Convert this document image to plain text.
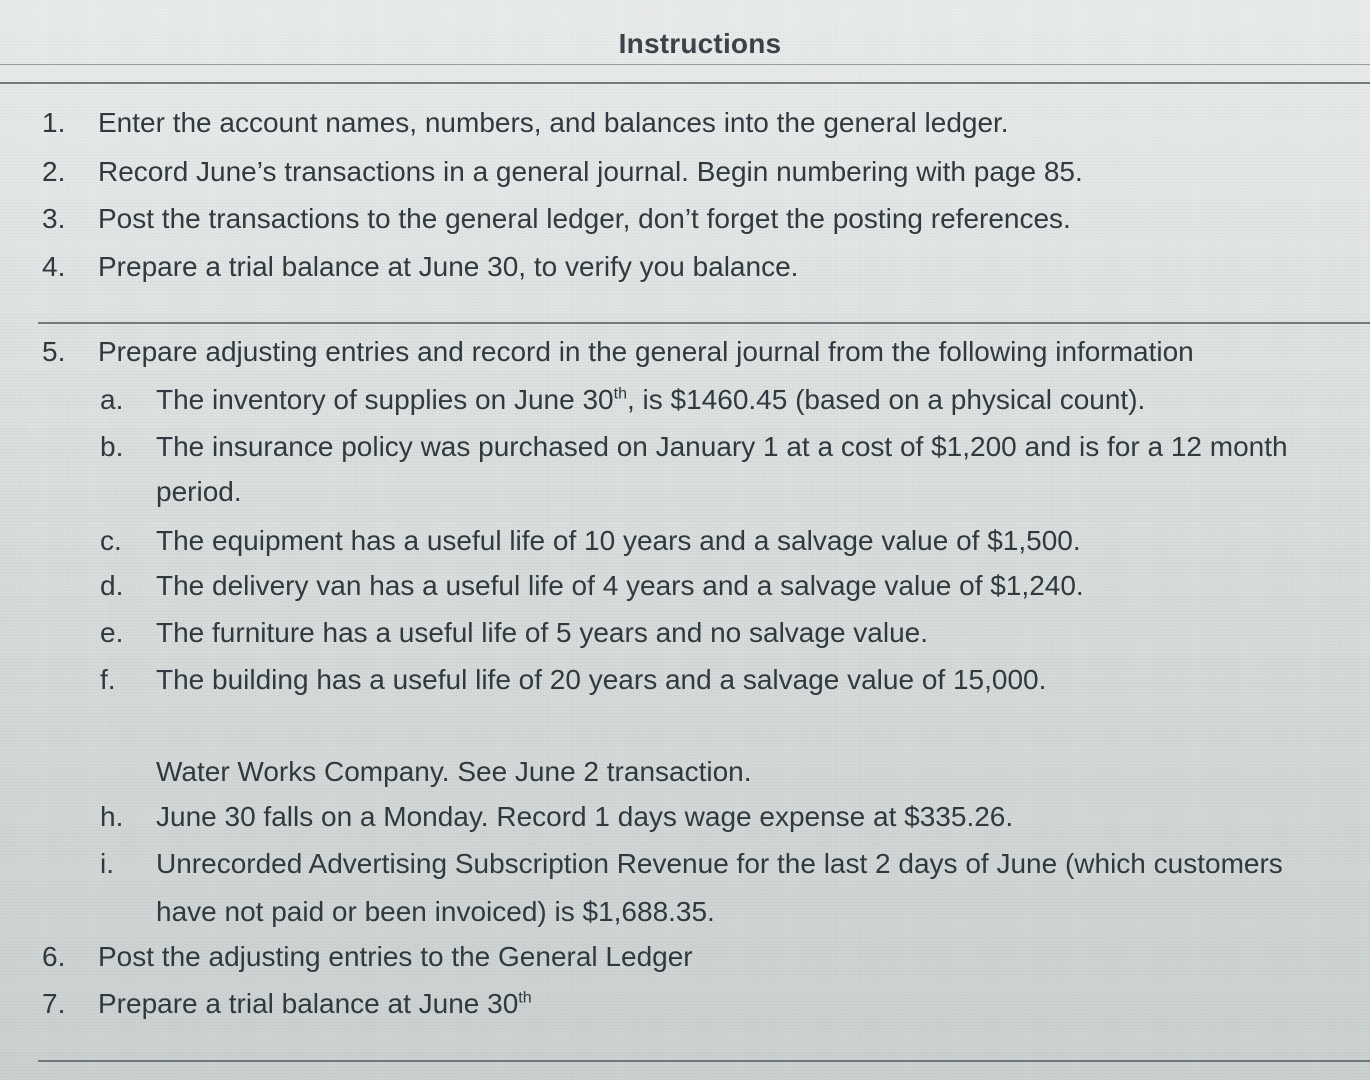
Instructions
1.	Enter the account names, numbers, and balances into the general ledger.
2.	Record June’s transactions in a general journal. Begin numbering with page 85.
3.	Post the transactions to the general ledger, don’t forget the posting references.
4.	Prepare a trial balance at June 30, to verify you balance.
5.	Prepare adjusting entries and record in the general journal from the following information
a.	The inventory of supplies on June 30th, is $1460.45 (based on a physical count).
b.	The insurance policy was purchased on January 1 at a cost of $1,200 and is for a 12 month
period.
c.	The equipment has a useful life of 10 years and a salvage value of $1,500.
d.	The delivery van has a useful life of 4 years and a salvage value of $1,240.
e.	The furniture has a useful life of 5 years and no salvage value.
f.	The building has a useful life of 20 years and a salvage value of 15,000.
Water Works Company. See June 2 transaction.
h.	June 30 falls on a Monday. Record 1 days wage expense at $335.26.
i.	Unrecorded Advertising Subscription Revenue for the last 2 days of June (which customers
have not paid or been invoiced) is $1,688.35.
6.	Post the adjusting entries to the General Ledger
7.	Prepare a trial balance at June 30th
